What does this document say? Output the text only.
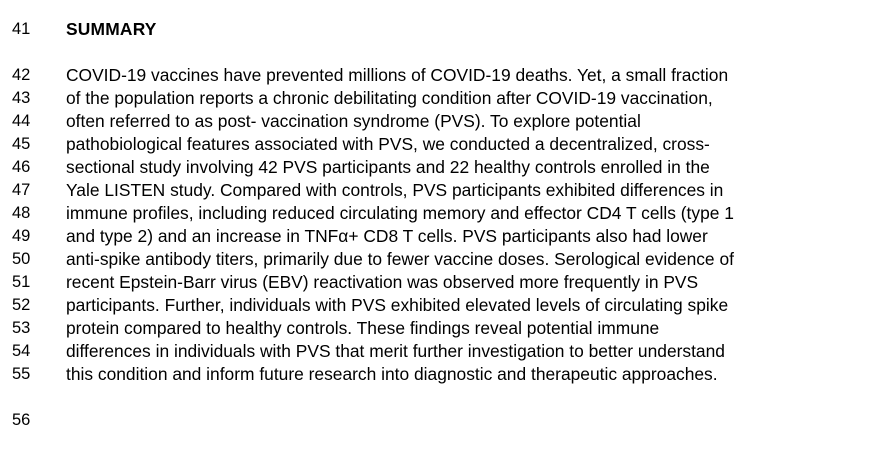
41	SUMMARY
42	COVID-19 vaccines have prevented millions of COVID-19 deaths. Yet, a small fraction
43	of the population reports a chronic debilitating condition after COVID-19 vaccination,
44	often referred to as post- vaccination syndrome (PVS). To explore potential
45	pathobiological features associated with PVS, we conducted a decentralized, cross-
46	sectional study involving 42 PVS participants and 22 healthy controls enrolled in the
47	Yale LISTEN study. Compared with controls, PVS participants exhibited differences in
48	immune profiles, including reduced circulating memory and effector CD4 T cells (type 1
49	and type 2) and an increase in TNFα+ CD8 T cells. PVS participants also had lower
50	anti-spike antibody titers, primarily due to fewer vaccine doses. Serological evidence of
51	recent Epstein-Barr virus (EBV) reactivation was observed more frequently in PVS
52	participants. Further, individuals with PVS exhibited elevated levels of circulating spike
53	protein compared to healthy controls. These findings reveal potential immune
54	differences in individuals with PVS that merit further investigation to better understand
55	this condition and inform future research into diagnostic and therapeutic approaches.
56
